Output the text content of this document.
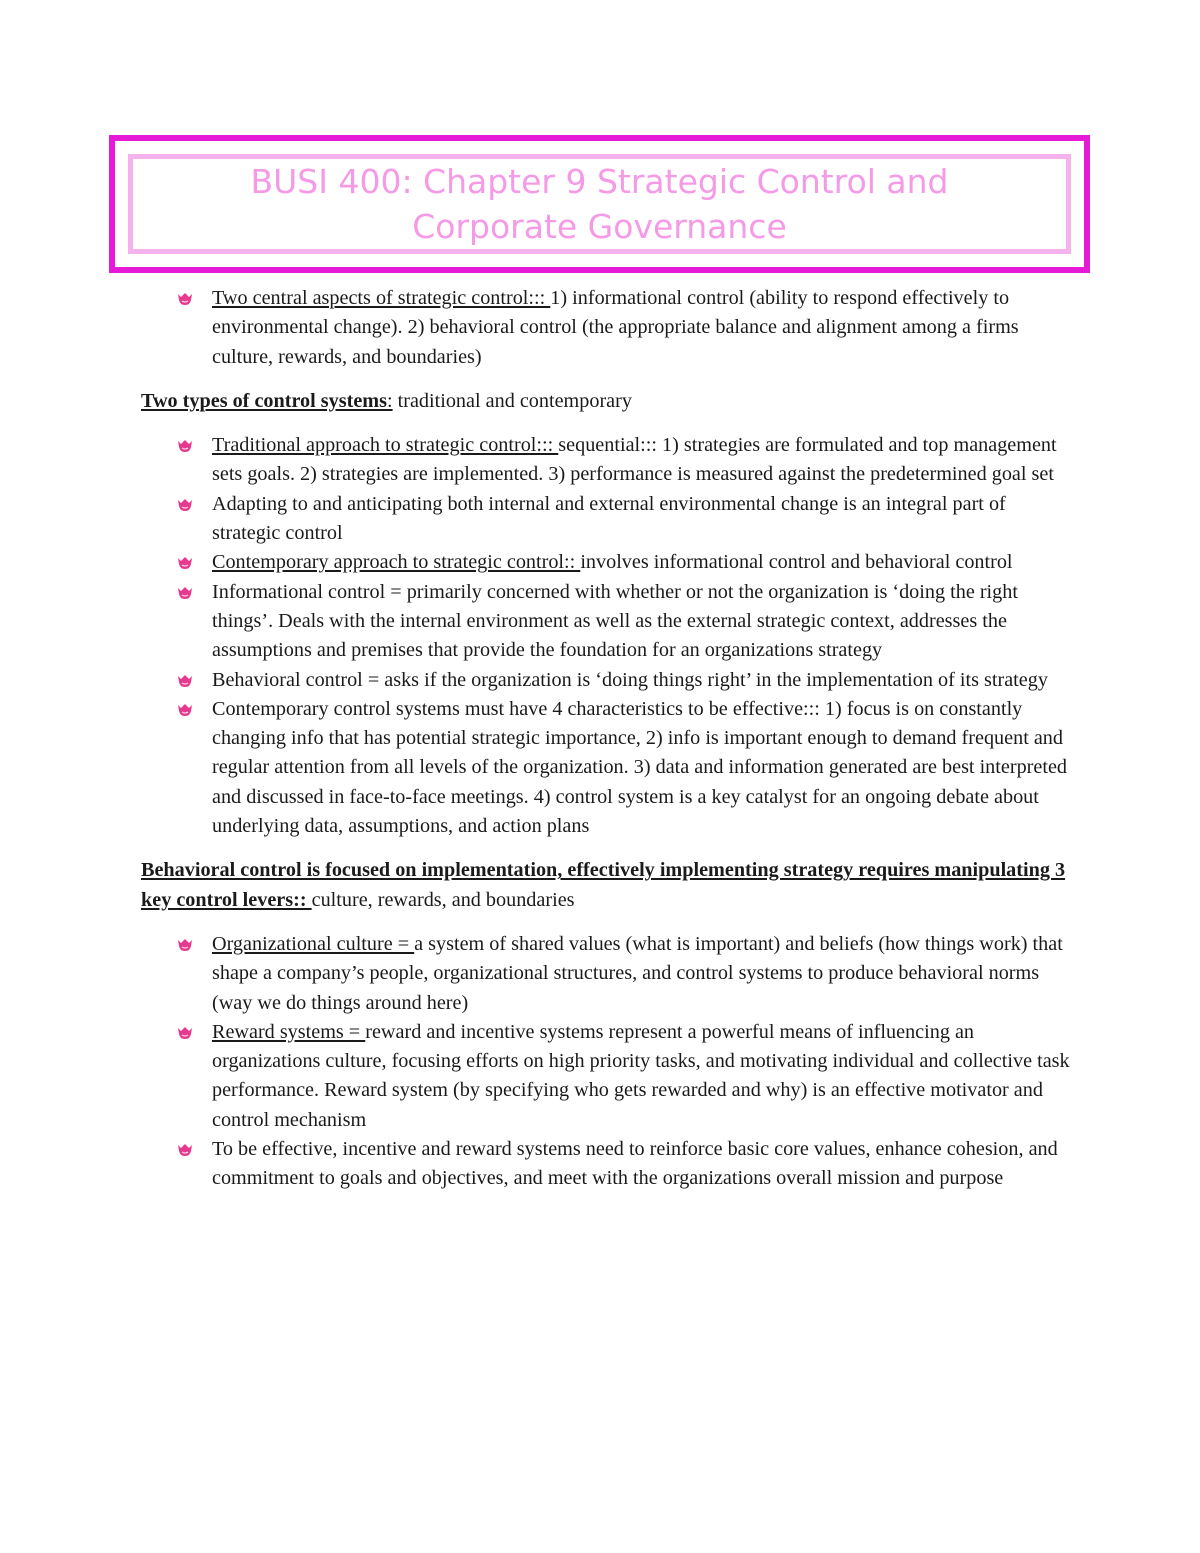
BUSI 400: Chapter 9 Strategic Control and
Corporate Governance
Two central aspects of strategic control::: 1) informational control (ability to respond effectively to environmental change). 2) behavioral control (the appropriate balance and alignment among a firms culture, rewards, and boundaries)
Two types of control systems: traditional and contemporary
Traditional approach to strategic control::: sequential::: 1) strategies are formulated and top management sets goals. 2) strategies are implemented. 3) performance is measured against the predetermined goal set
Adapting to and anticipating both internal and external environmental change is an integral part of strategic control
Contemporary approach to strategic control:: involves informational control and behavioral control
Informational control = primarily concerned with whether or not the organization is ‘doing the right things’. Deals with the internal environment as well as the external strategic context, addresses the assumptions and premises that provide the foundation for an organizations strategy
Behavioral control = asks if the organization is ‘doing things right’ in the implementation of its strategy
Contemporary control systems must have 4 characteristics to be effective::: 1) focus is on constantly changing info that has potential strategic importance, 2) info is important enough to demand frequent and regular attention from all levels of the organization. 3) data and information generated are best interpreted and discussed in face-to-face meetings. 4) control system is a key catalyst for an ongoing debate about underlying data, assumptions, and action plans
Behavioral control is focused on implementation, effectively implementing strategy requires manipulating 3 key control levers:: culture, rewards, and boundaries
Organizational culture = a system of shared values (what is important) and beliefs (how things work) that shape a company’s people, organizational structures, and control systems to produce behavioral norms (way we do things around here)
Reward systems = reward and incentive systems represent a powerful means of influencing an organizations culture, focusing efforts on high priority tasks, and motivating individual and collective task performance. Reward system (by specifying who gets rewarded and why) is an effective motivator and control mechanism
To be effective, incentive and reward systems need to reinforce basic core values, enhance cohesion, and commitment to goals and objectives, and meet with the organizations overall mission and purpose
